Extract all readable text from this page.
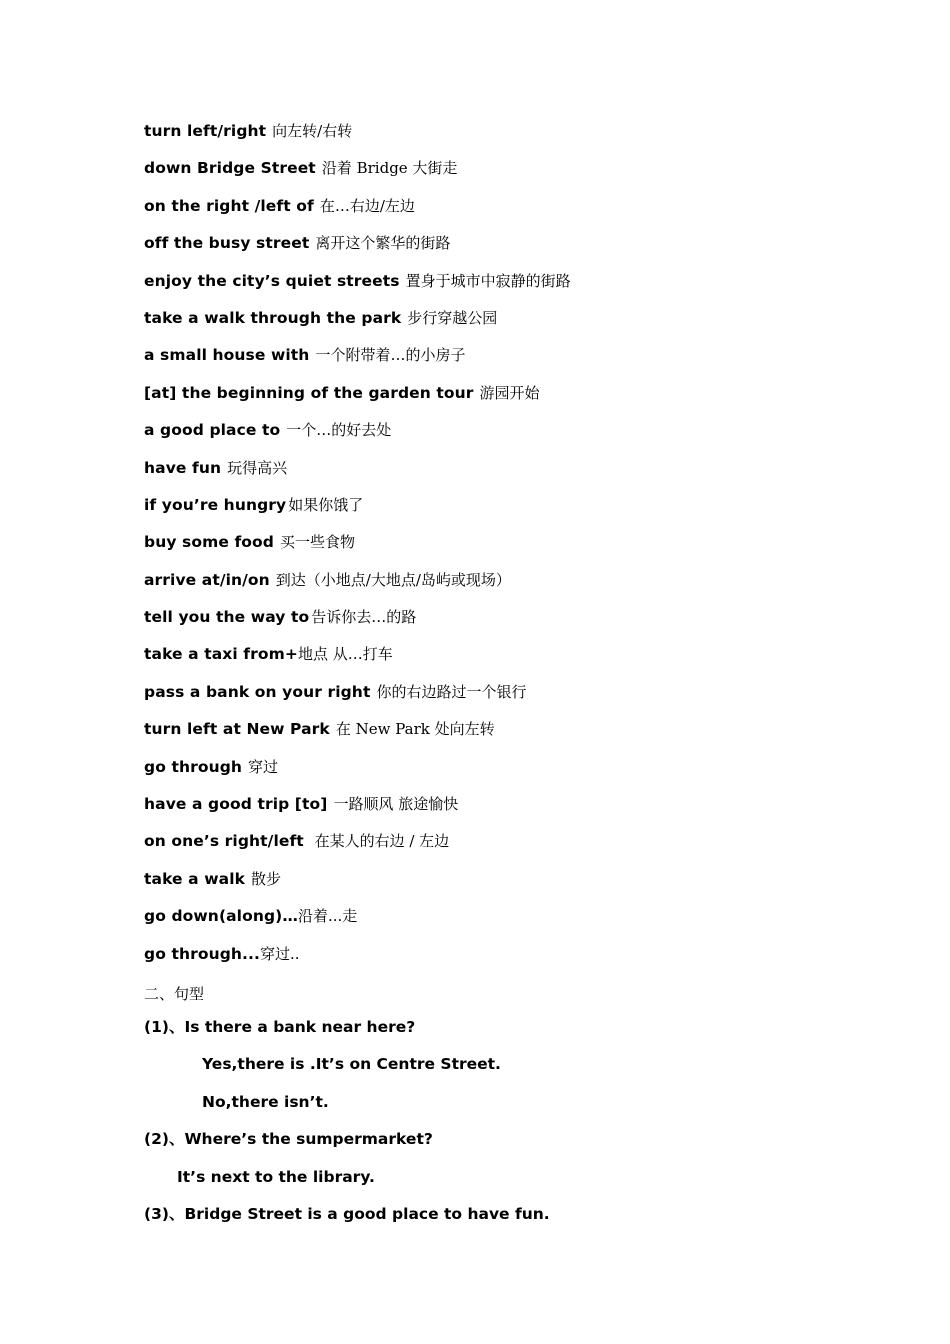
turn left/right 向左转/右转
down Bridge Street 沿着 Bridge 大街走
on the right /left of 在…右边/左边
off the busy street 离开这个繁华的街路
enjoy the city’s quiet streets 置身于城市中寂静的街路
take a walk through the park 步行穿越公园
a small house with 一个附带着…的小房子
[at] the beginning of the garden tour 游园开始
a good place to 一个…的好去处
have fun 玩得高兴
if you’re hungry 如果你饿了
buy some food 买一些食物
arrive at/in/on 到达（小地点/大地点/岛屿或现场）
tell you the way to 告诉你去…的路
take a taxi from+地点 从…打车
pass a bank on your right 你的右边路过一个银行
turn left at New Park 在 New Park 处向左转
go through 穿过
have a good trip [to] 一路顺风 旅途愉快
on one’s right/left 在某人的右边 / 左边
take a walk 散步
go down(along)…沿着...走
go through...穿过..
二、句型
(1)、Is there a bank near here?
Yes,there is .It’s on Centre Street.
No,there isn’t.
(2)、Where’s the sumpermarket?
It’s next to the library.
(3)、Bridge Street is a good place to have fun.
